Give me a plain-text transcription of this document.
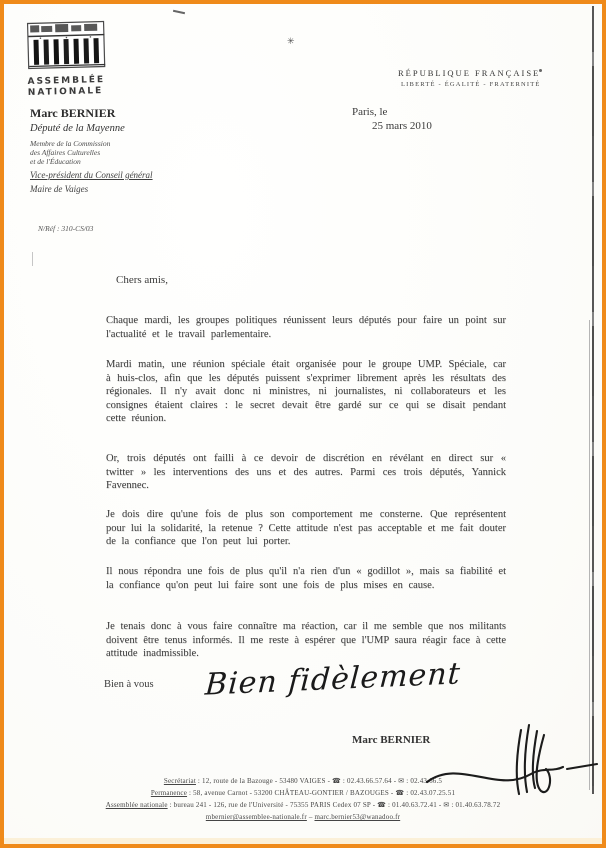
✳
ASSEMBLÉE
NATIONALE
RÉPUBLIQUE FRANÇAISE
LIBERTÉ - ÉGALITÉ - FRATERNITÉ
Marc BERNIER
Député de la Mayenne
Membre de la Commission
des Affaires Culturelles
et de l'Éducation
Vice-président du Conseil général
Maire de Vaiges
N/Réf : 310-CS/03
Paris, le
25 mars 2010
Chers amis,
Chaque mardi, les groupes politiques réunissent leurs députés pour faire un point sur l'actualité et le travail parlementaire.
Mardi matin, une réunion spéciale était organisée pour le groupe UMP. Spéciale, car à huis-clos, afin que les députés puissent s'exprimer librement après les résultats des régionales. Il n'y avait donc ni ministres, ni journalistes, ni collaborateurs et les consignes étaient claires : le secret devait être gardé sur ce qui se disait pendant cette réunion.
Or, trois députés ont failli à ce devoir de discrétion en révélant en direct sur « twitter » les interventions des uns et des autres. Parmi ces trois députés, Yannick Favennec.
Je dois dire qu'une fois de plus son comportement me consterne. Que représentent pour lui la solidarité, la retenue ? Cette attitude n'est pas acceptable et me fait douter de la confiance que l'on peut lui porter.
Il nous répondra une fois de plus qu'il n'a rien d'un « godillot », mais sa fiabilité et la confiance qu'on peut lui faire sont une fois de plus mises en cause.
Je tenais donc à vous faire connaître ma réaction, car il me semble que nos militants doivent être tenus informés. Il me reste à espérer que l'UMP saura réagir face à cette attitude inadmissible.
Bien à vous Bien fidèlement
Marc BERNIER
Secrétariat : 12, route de la Bazouge - 53480 VAIGES - ☎ : 02.43.66.57.64 - ✉ : 02.43.66.5
Permanence : 58, avenue Carnot - 53200 CHÂTEAU-GONTIER / BAZOUGES - ☎ : 02.43.07.25.51
Assemblée nationale : bureau 241 - 126, rue de l'Université - 75355 PARIS Cedex 07 SP - ☎ : 01.40.63.72.41 - ✉ : 01.40.63.78.72
mbernier@assemblee-nationale.fr – marc.bernier53@wanadoo.fr
